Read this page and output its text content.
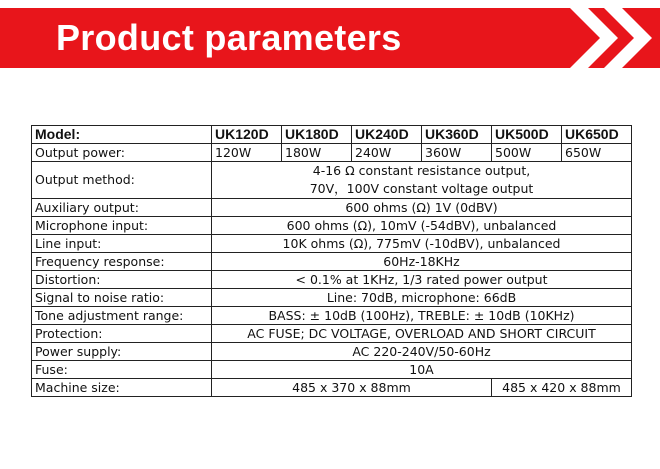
Product parameters
Model:	UK120D	UK180D	UK240D	UK360D	UK500D	UK650D
Output power:	120W	180W	240W	360W	500W	650W
Output method:	4-16 Ω constant resistance output,
70V，100V constant voltage output					

Auxiliary output:	600 ohms (Ω) 1V (0dBV)					
Microphone input:	600 ohms (Ω), 10mV (-54dBV), unbalanced					
Line input:	10K ohms (Ω), 775mV (-10dBV), unbalanced					
Frequency response:	60Hz-18KHz					
Distortion:	< 0.1% at 1KHz, 1/3 rated power output					
Signal to noise ratio:	Line: 70dB, microphone: 66dB					
Tone adjustment range:	BASS: ± 10dB (100Hz), TREBLE: ± 10dB (10KHz)					
Protection:	AC FUSE; DC VOLTAGE, OVERLOAD AND SHORT CIRCUIT					
Power supply:	AC 220-240V/50-60Hz					
Fuse:	10A					
Machine size:	485 x 370 x 88mm				485 x 420 x 88mm	
